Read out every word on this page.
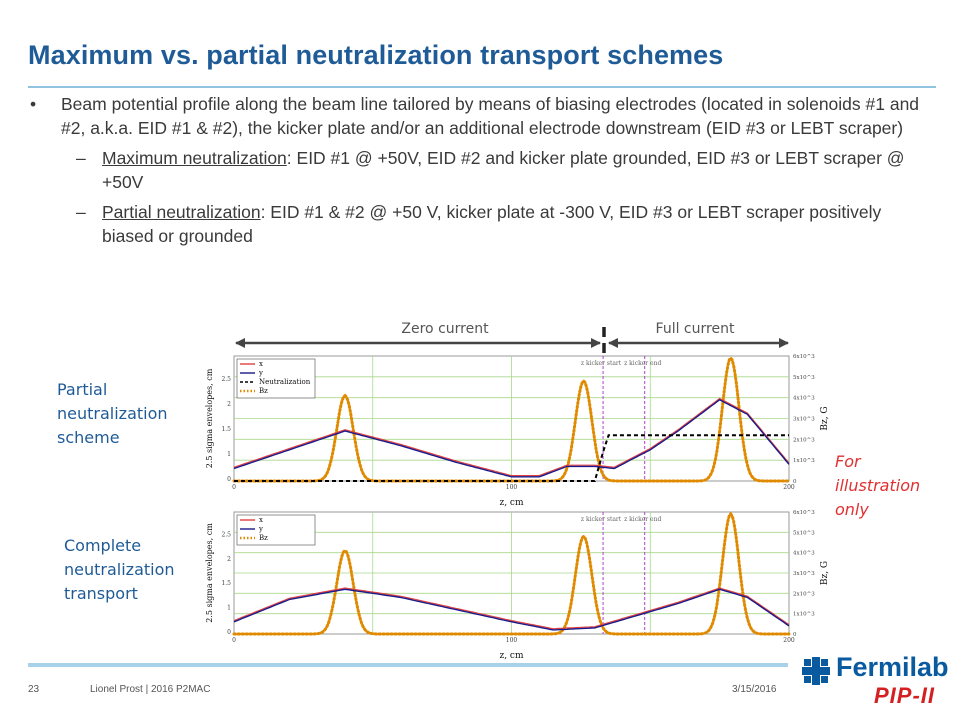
Maximum vs. partial neutralization transport schemes
• Beam potential profile along the beam line tailored by means of biasing electrodes (located in solenoids #1 and #2, a.k.a. EID #1 & #2), the kicker plate and/or an additional electrode downstream (EID #3 or LEBT scraper)
– Maximum neutralization: EID #1 @ +50V, EID #2 and kicker plate grounded, EID #3 or LEBT scraper @ +50V
– Partial neutralization: EID #1 & #2 @ +50 V, kicker plate at -300 V, EID #3 or LEBT scraper positively biased or grounded
Partial neutralization scheme
Complete neutralization transport
For illustration only
Zero current	Full current
z kicker start z kicker end
0
1
1.5
2
2.5
0
1x10^3
2x10^3
3x10^3
4x10^3
5x10^3
6x10^3
0	100	200
z, cm
2.5 sigma envelopes, cm	Bz, G
x
y
Neutralization
Bz
z kicker start z kicker end
0
1
1.5
2
2.5
0
1x10^3
2x10^3
3x10^3
4x10^3
5x10^3
6x10^3
0	100	200
z, cm
2.5 sigma envelopes, cm	Bz, G
x
y
Bz
23	Lionel Prost | 2016 P2MAC	3/15/2016
Fermilab
PIP-II
